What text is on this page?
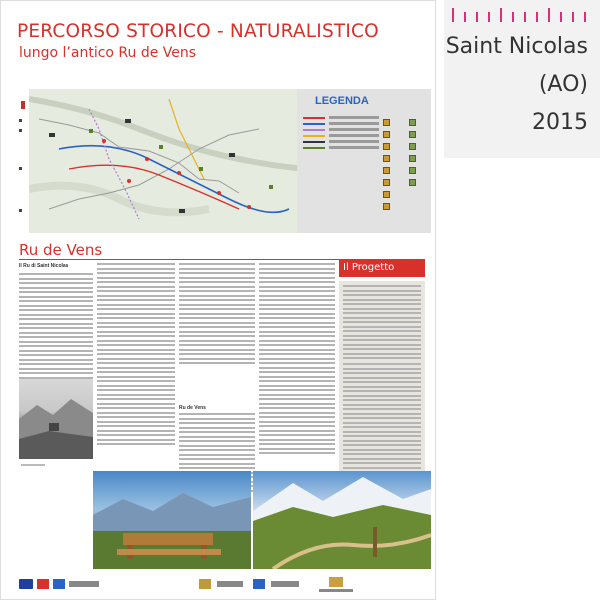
PERCORSO STORICO - NATURALISTICO
lungo l’antico Ru de Vens
LEGENDA
Ru de Vens
Il Ru di Saint Nicolas
Ru de Vens
Il Progetto
Saint Nicolas
(AO)
2015
